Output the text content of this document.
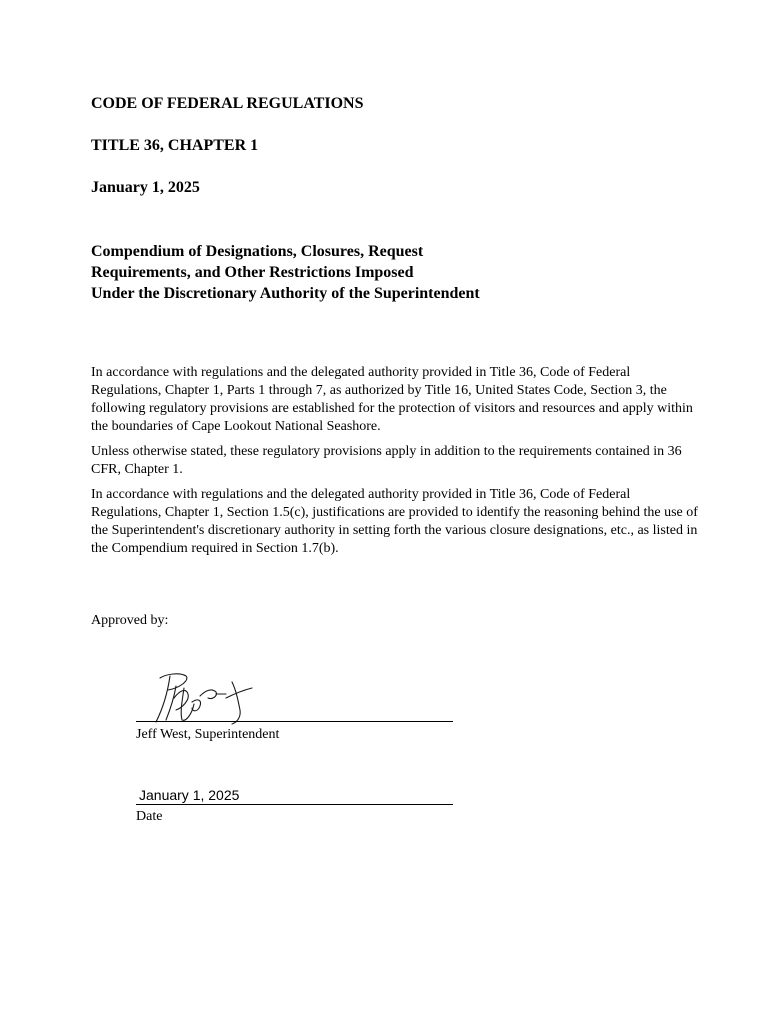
CODE OF FEDERAL REGULATIONS

TITLE 36, CHAPTER 1

January 1, 2025

Compendium of Designations, Closures, Request
Requirements, and Other Restrictions Imposed
Under the Discretionary Authority of the Superintendent

In accordance with regulations and the delegated authority provided in Title 36, Code of Federal Regulations, Chapter 1, Parts 1 through 7, as authorized by Title 16, United States Code, Section 3, the following regulatory provisions are established for the protection of visitors and resources and apply within the boundaries of Cape Lookout National Seashore.

Unless otherwise stated, these regulatory provisions apply in addition to the requirements contained in 36 CFR, Chapter 1.

In accordance with regulations and the delegated authority provided in Title 36, Code of Federal Regulations, Chapter 1, Section 1.5(c), justifications are provided to identify the reasoning behind the use of the Superintendent's discretionary authority in setting forth the various closure designations, etc., as listed in the Compendium required in Section 1.7(b).

Approved by:

Jeff West, Superintendent

January 1, 2025

Date
